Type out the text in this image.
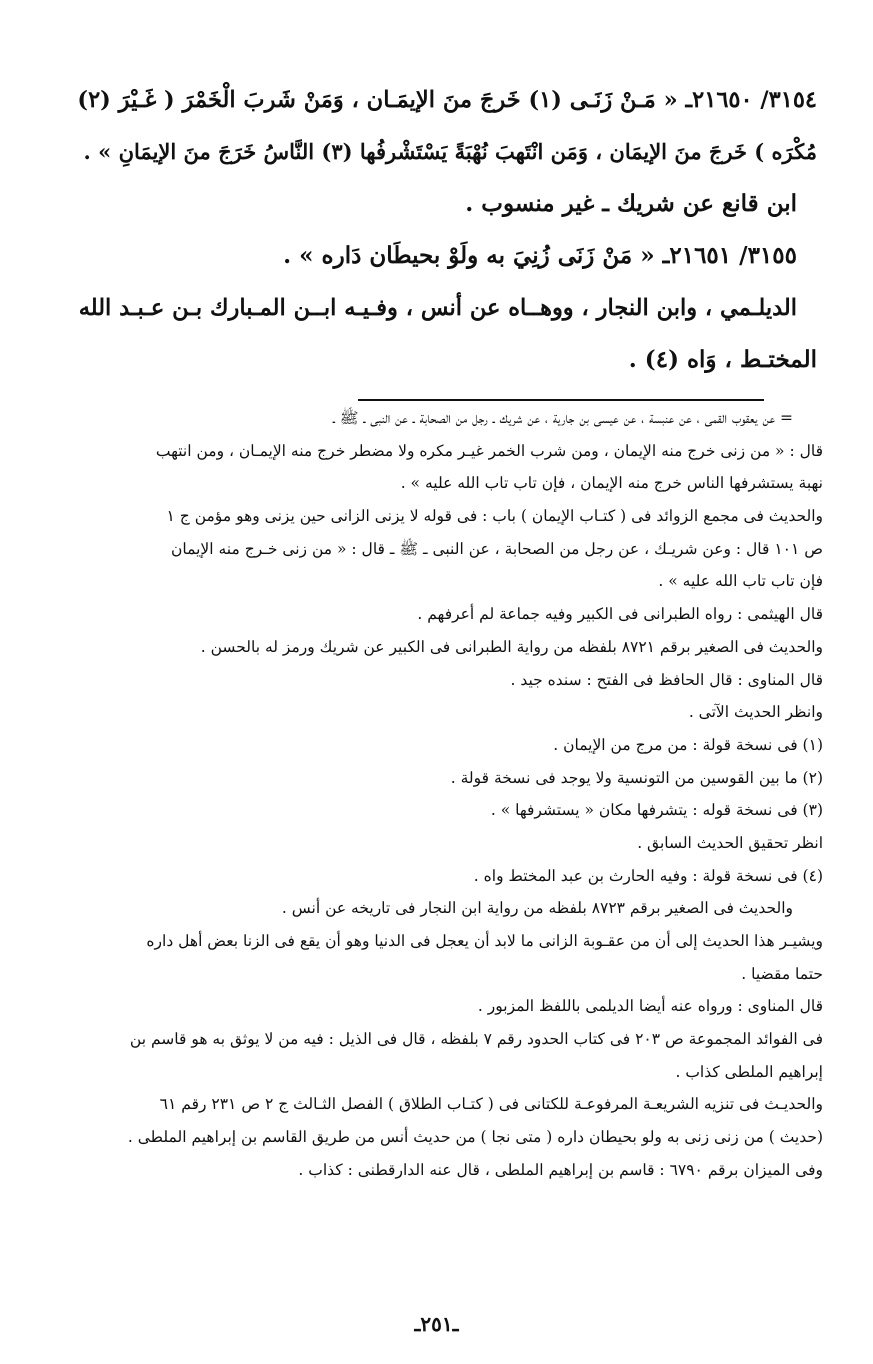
٣١٥٤/ ٢١٦٥٠ـ « مَـنْ زَنَـى (١) خَرجَ منَ الإيمَـان ، وَمَنْ شَربَ الْخَمْرَ ( غَـيْرَ (٢)
مُكْرَه ) خَرجَ منَ الإيمَان ، وَمَن انْتَهبَ نُهْبَةً يَسْتَشْرفُها (٣) النَّاسُ خَرَجَ منَ الإيمَانِ » .
ابن قانع عن شريك ـ غير منسوب .
٣١٥٥/ ٢١٦٥١ـ « مَنْ زَنَى زُنِيَ به ولَوْ بحيطَان دَاره » .
الديلـمي ، وابن النجار ، ووهــاه عن أنس ، وفـيـه ابــن المـبارك بـن عـبـد الله
المختـط ، وَاه (٤) .
= عن يعقوب القمى ، عن عنبسة ، عن عيسى بن جارية ، عن شريك ـ رجل من الصحابة ـ عن النبى ـ ﷺ ـ
قال : « من زنى خرج منه الإيمان ، ومن شرب الخمر غيـر مكره ولا مضطر خرج منه الإيمـان ، ومن انتهب
نهبة يستشرفها الناس خرج منه الإيمان ، فإن تاب تاب الله عليه » .
والحديث فى مجمع الزوائد فى ( كتـاب الإيمان ) باب : فى قوله لا يزنى الزانى حين يزنى وهو مؤمن ج ١
ص ١٠١ قال : وعن شريـك ، عن رجل من الصحابة ، عن النبى ـ ﷺ ـ قال : « من زنى خـرج منه الإيمان
فإن تاب تاب الله عليه » .
قال الهيثمى : رواه الطبرانى فى الكبير وفيه جماعة لم أعرفهم .
والحديث فى الصغير برقم ٨٧٢١ بلفظه من رواية الطبرانى فى الكبير عن شريك ورمز له بالحسن .
قال المناوى : قال الحافظ فى الفتح : سنده جيد .
وانظر الحديث الآتى .
(١) فى نسخة قولة : من مرج من الإيمان .
(٢) ما بين القوسين من التونسية ولا يوجد فى نسخة قولة .
(٣) فى نسخة قوله : يتشرفها مكان « يستشرفها » .
انظر تحقيق الحديث السابق .
(٤) فى نسخة قولة : وفيه الحارث بن عبد المختط واه .
والحديث فى الصغير برقم ٨٧٢٣ بلفظه من رواية ابن النجار فى تاريخه عن أنس .
ويشيـر هذا الحديث إلى أن من عقـوبة الزانى ما لابد أن يعجل فى الدنيا وهو أن يقع فى الزنا بعض أهل داره
حتما مقضيا .
قال المناوى : ورواه عنه أيضا الديلمى باللفظ المزبور .
فى الفوائد المجموعة ص ٢٠٣ فى كتاب الحدود رقم ٧ بلفظه ، قال فى الذيل : فيه من لا يوثق به هو قاسم بن
إبراهيم الملطى كذاب .
والحديـث فى تنزيه الشريعـة المرفوعـة للكتانى فى ( كتـاب الطلاق ) الفصل الثـالث ج ٢ ص ٢٣١ رقم ٦١
(حديث ) من زنى زنى به ولو بحيطان داره ( متى نجا ) من حديث أنس من طريق القاسم بن إبراهيم الملطى .
وفى الميزان برقم ٦٧٩٠ : قاسم بن إبراهيم الملطى ، قال عنه الدارقطنى : كذاب .
ـ٢٥١ـ
